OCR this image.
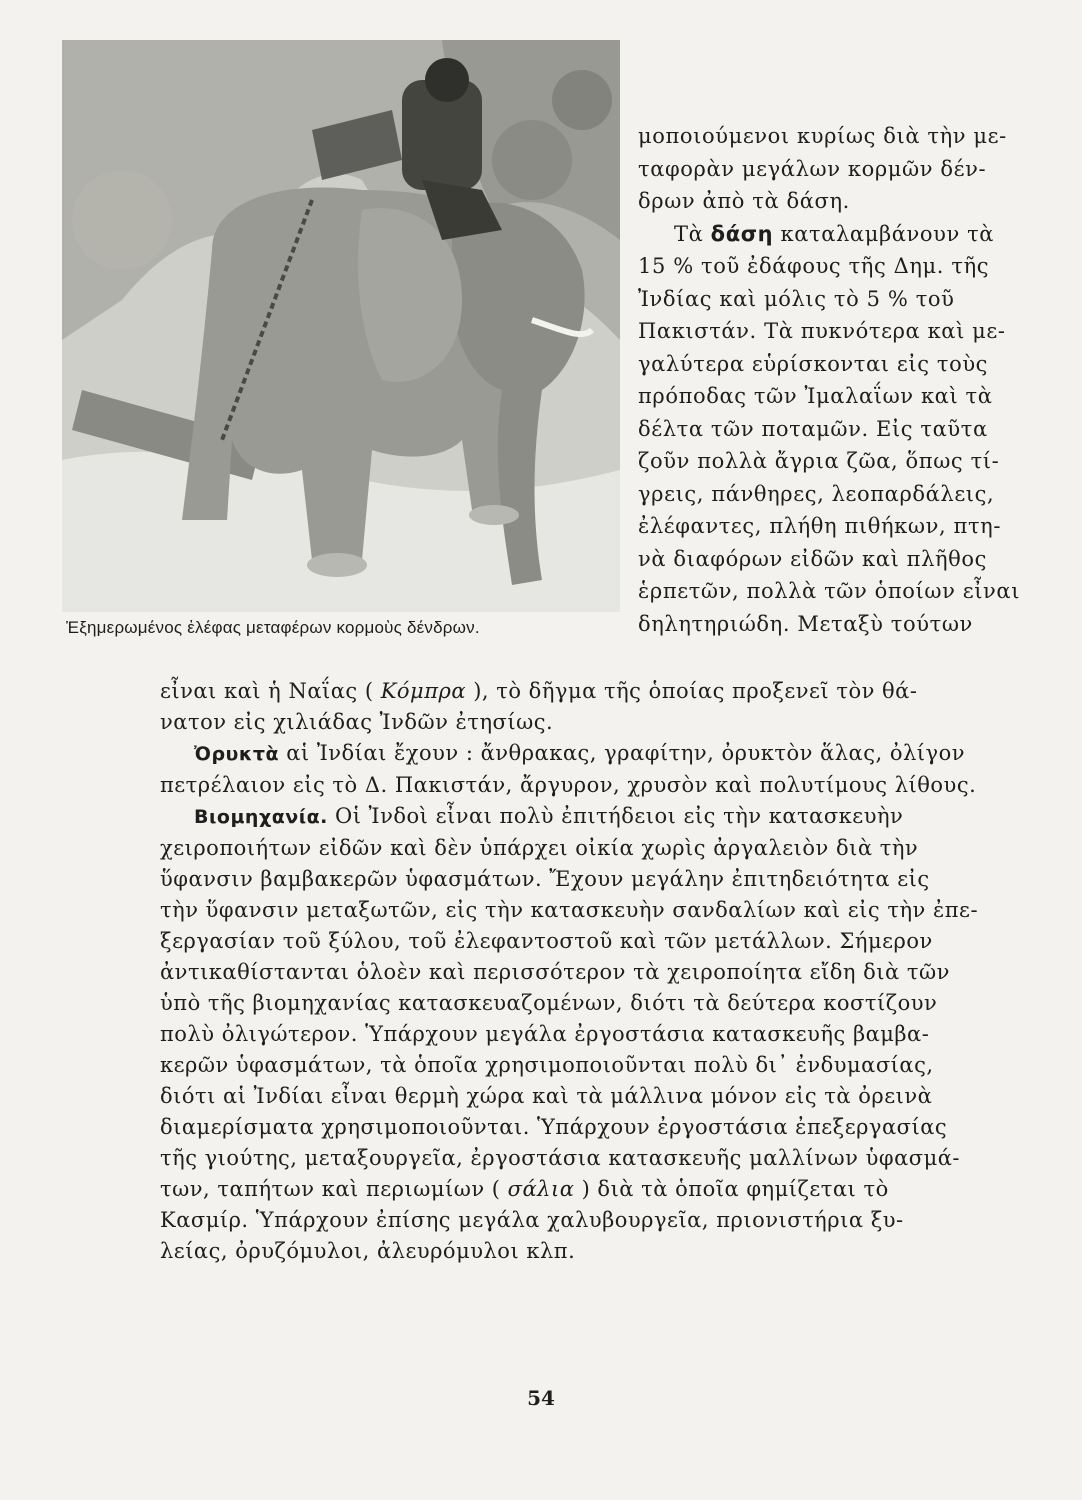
Ἐξημερωμένος ἐλέφας μεταφέρων κορμοὺς δένδρων.
μοποιούμενοι κυρίως διὰ τὴν με-
ταφορὰν μεγάλων κορμῶν δέν-
δρων ἀπὸ τὰ δάση.
Τὰ δάση καταλαμβάνουν τὰ
15 % τοῦ ἐδάφους τῆς Δημ. τῆς
Ἰνδίας καὶ μόλις τὸ 5 % τοῦ
Πακιστάν. Τὰ πυκνότερα καὶ με-
γαλύτερα εὑρίσκονται εἰς τοὺς
πρόποδας τῶν Ἰμαλαΐων καὶ τὰ
δέλτα τῶν ποταμῶν. Εἰς ταῦτα
ζοῦν πολλὰ ἄγρια ζῶα, ὅπως τί-
γρεις, πάνθηρες, λεοπαρδάλεις,
ἐλέφαντες, πλήθη πιθήκων, πτη-
νὰ διαφόρων εἰδῶν καὶ πλῆθος
ἑρπετῶν, πολλὰ τῶν ὁποίων εἶναι
δηλητηριώδη. Μεταξὺ τούτων
εἶναι καὶ ἡ Ναΐας ( Κόμπρα ), τὸ δῆγμα τῆς ὁποίας προξενεῖ τὸν θά-
νατον εἰς χιλιάδας Ἰνδῶν ἐτησίως.
Ὀρυκτὰ αἱ Ἰνδίαι ἔχουν : ἄνθρακας, γραφίτην, ὀρυκτὸν ἅλας, ὀλίγον
πετρέλαιον εἰς τὸ Δ. Πακιστάν, ἄργυρον, χρυσὸν καὶ πολυτίμους λίθους.
Βιομηχανία. Οἱ Ἰνδοὶ εἶναι πολὺ ἐπιτήδειοι εἰς τὴν κατασκευὴν
χειροποιήτων εἰδῶν καὶ δὲν ὑπάρχει οἰκία χωρὶς ἀργαλειὸν διὰ τὴν
ὕφανσιν βαμβακερῶν ὑφασμάτων. Ἔχουν μεγάλην ἐπιτηδειότητα εἰς
τὴν ὕφανσιν μεταξωτῶν, εἰς τὴν κατασκευὴν σανδαλίων καὶ εἰς τὴν ἐπε-
ξεργασίαν τοῦ ξύλου, τοῦ ἐλεφαντοστοῦ καὶ τῶν μετάλλων. Σήμερον
ἀντικαθίστανται ὁλοὲν καὶ περισσότερον τὰ χειροποίητα εἴδη διὰ τῶν
ὑπὸ τῆς βιομηχανίας κατασκευαζομένων, διότι τὰ δεύτερα κοστίζουν
πολὺ ὀλιγώτερον. Ὑπάρχουν μεγάλα ἐργοστάσια κατασκευῆς βαμβα-
κερῶν ὑφασμάτων, τὰ ὁποῖα χρησιμοποιοῦνται πολὺ δι᾽ ἐνδυμασίας,
διότι αἱ Ἰνδίαι εἶναι θερμὴ χώρα καὶ τὰ μάλλινα μόνον εἰς τὰ ὀρεινὰ
διαμερίσματα χρησιμοποιοῦνται. Ὑπάρχουν ἐργοστάσια ἐπεξεργασίας
τῆς γιούτης, μεταξουργεῖα, ἐργοστάσια κατασκευῆς μαλλίνων ὑφασμά-
των, ταπήτων καὶ περιωμίων ( σάλια ) διὰ τὰ ὁποῖα φημίζεται τὸ
Κασμίρ. Ὑπάρχουν ἐπίσης μεγάλα χαλυβουργεῖα, πριονιστήρια ξυ-
λείας, ὀρυζόμυλοι, ἀλευρόμυλοι κλπ.
54
